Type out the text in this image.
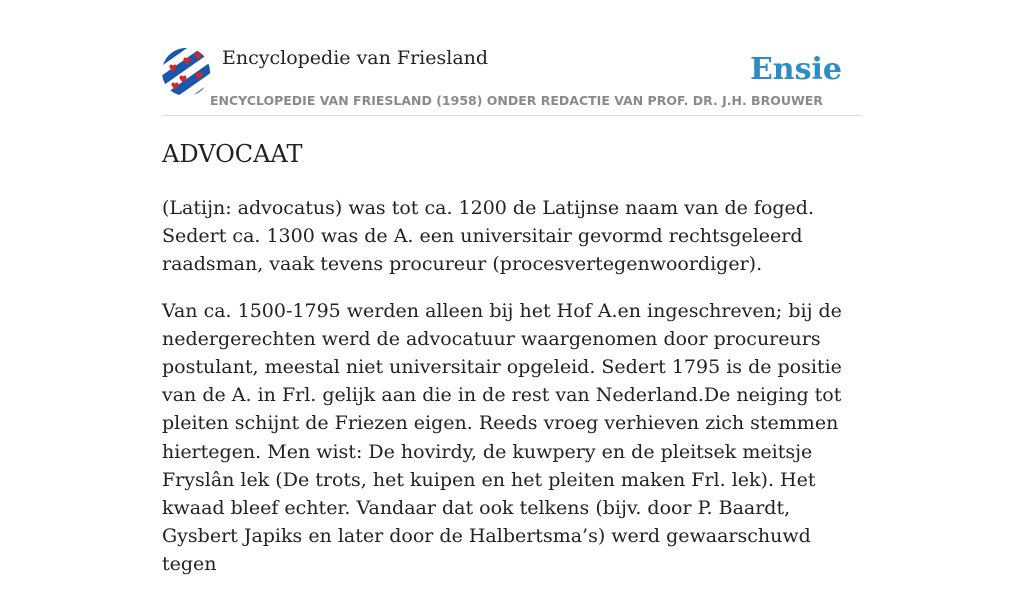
Encyclopedie van Friesland
ENCYCLOPEDIE VAN FRIESLAND (1958) ONDER REDACTIE VAN PROF. DR. J.H. BROUWER
Ensie
ADVOCAAT

(Latijn: advocatus) was tot ca. 1200 de Latijnse naam van de foged. Sedert ca. 1300 was de A. een universitair gevormd rechtsgeleerd raadsman, vaak tevens procureur (procesvertegenwoordiger).

Van ca. 1500-1795 werden alleen bij het Hof A.en ingeschreven; bij de nedergerechten werd de advocatuur waargenomen door procureurs postulant, meestal niet universitair opgeleid. Sedert 1795 is de positie van de A. in Frl. gelijk aan die in de rest van Nederland.De neiging tot pleiten schijnt de Friezen eigen. Reeds vroeg verhieven zich stemmen hiertegen. Men wist: De hovirdy, de kuwpery en de pleitsek meitsje Fryslân lek (De trots, het kuipen en het pleiten maken Frl. lek). Het kwaad bleef echter. Vandaar dat ook telkens (bijv. door P. Baardt, Gysbert Japiks en later door de Halbertsma’s) werd gewaarschuwd tegen
